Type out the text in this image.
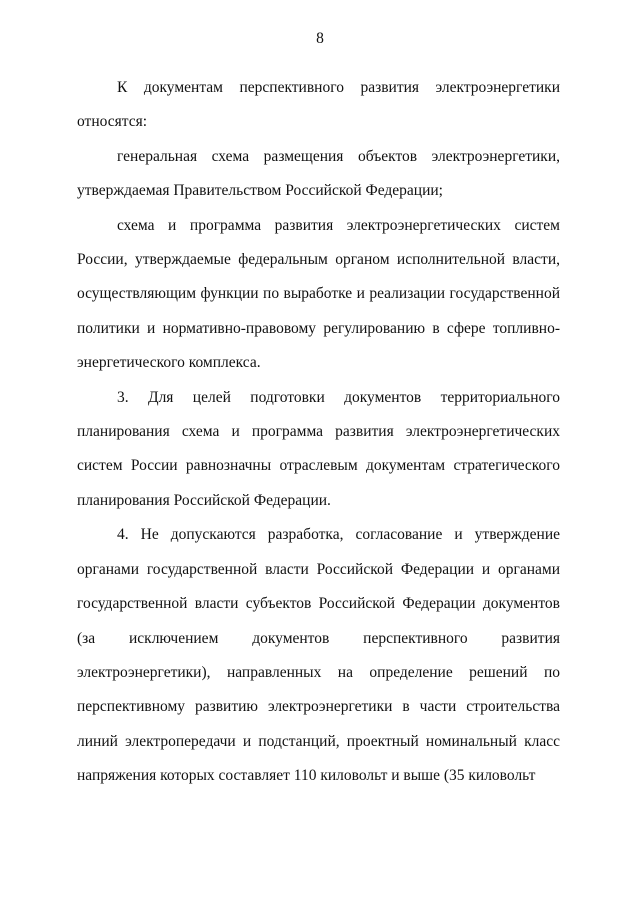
8

К документам перспективного развития электроэнергетики относятся:

генеральная схема размещения объектов электроэнергетики, утверждаемая Правительством Российской Федерации;

схема и программа развития электроэнергетических систем России, утверждаемые федеральным органом исполнительной власти, осуществляющим функции по выработке и реализации государственной политики и нормативно-правовому регулированию в сфере топливно-энергетического комплекса.

3. Для целей подготовки документов территориального планирования схема и программа развития электроэнергетических систем России равнозначны отраслевым документам стратегического планирования Российской Федерации.

4. Не допускаются разработка, согласование и утверждение органами государственной власти Российской Федерации и органами государственной власти субъектов Российской Федерации документов (за исключением документов перспективного развития электроэнергетики), направленных на определение решений по перспективному развитию электроэнергетики в части строительства линий электропередачи и подстанций, проектный номинальный класс напряжения которых составляет 110 киловольт и выше (35 киловольт
